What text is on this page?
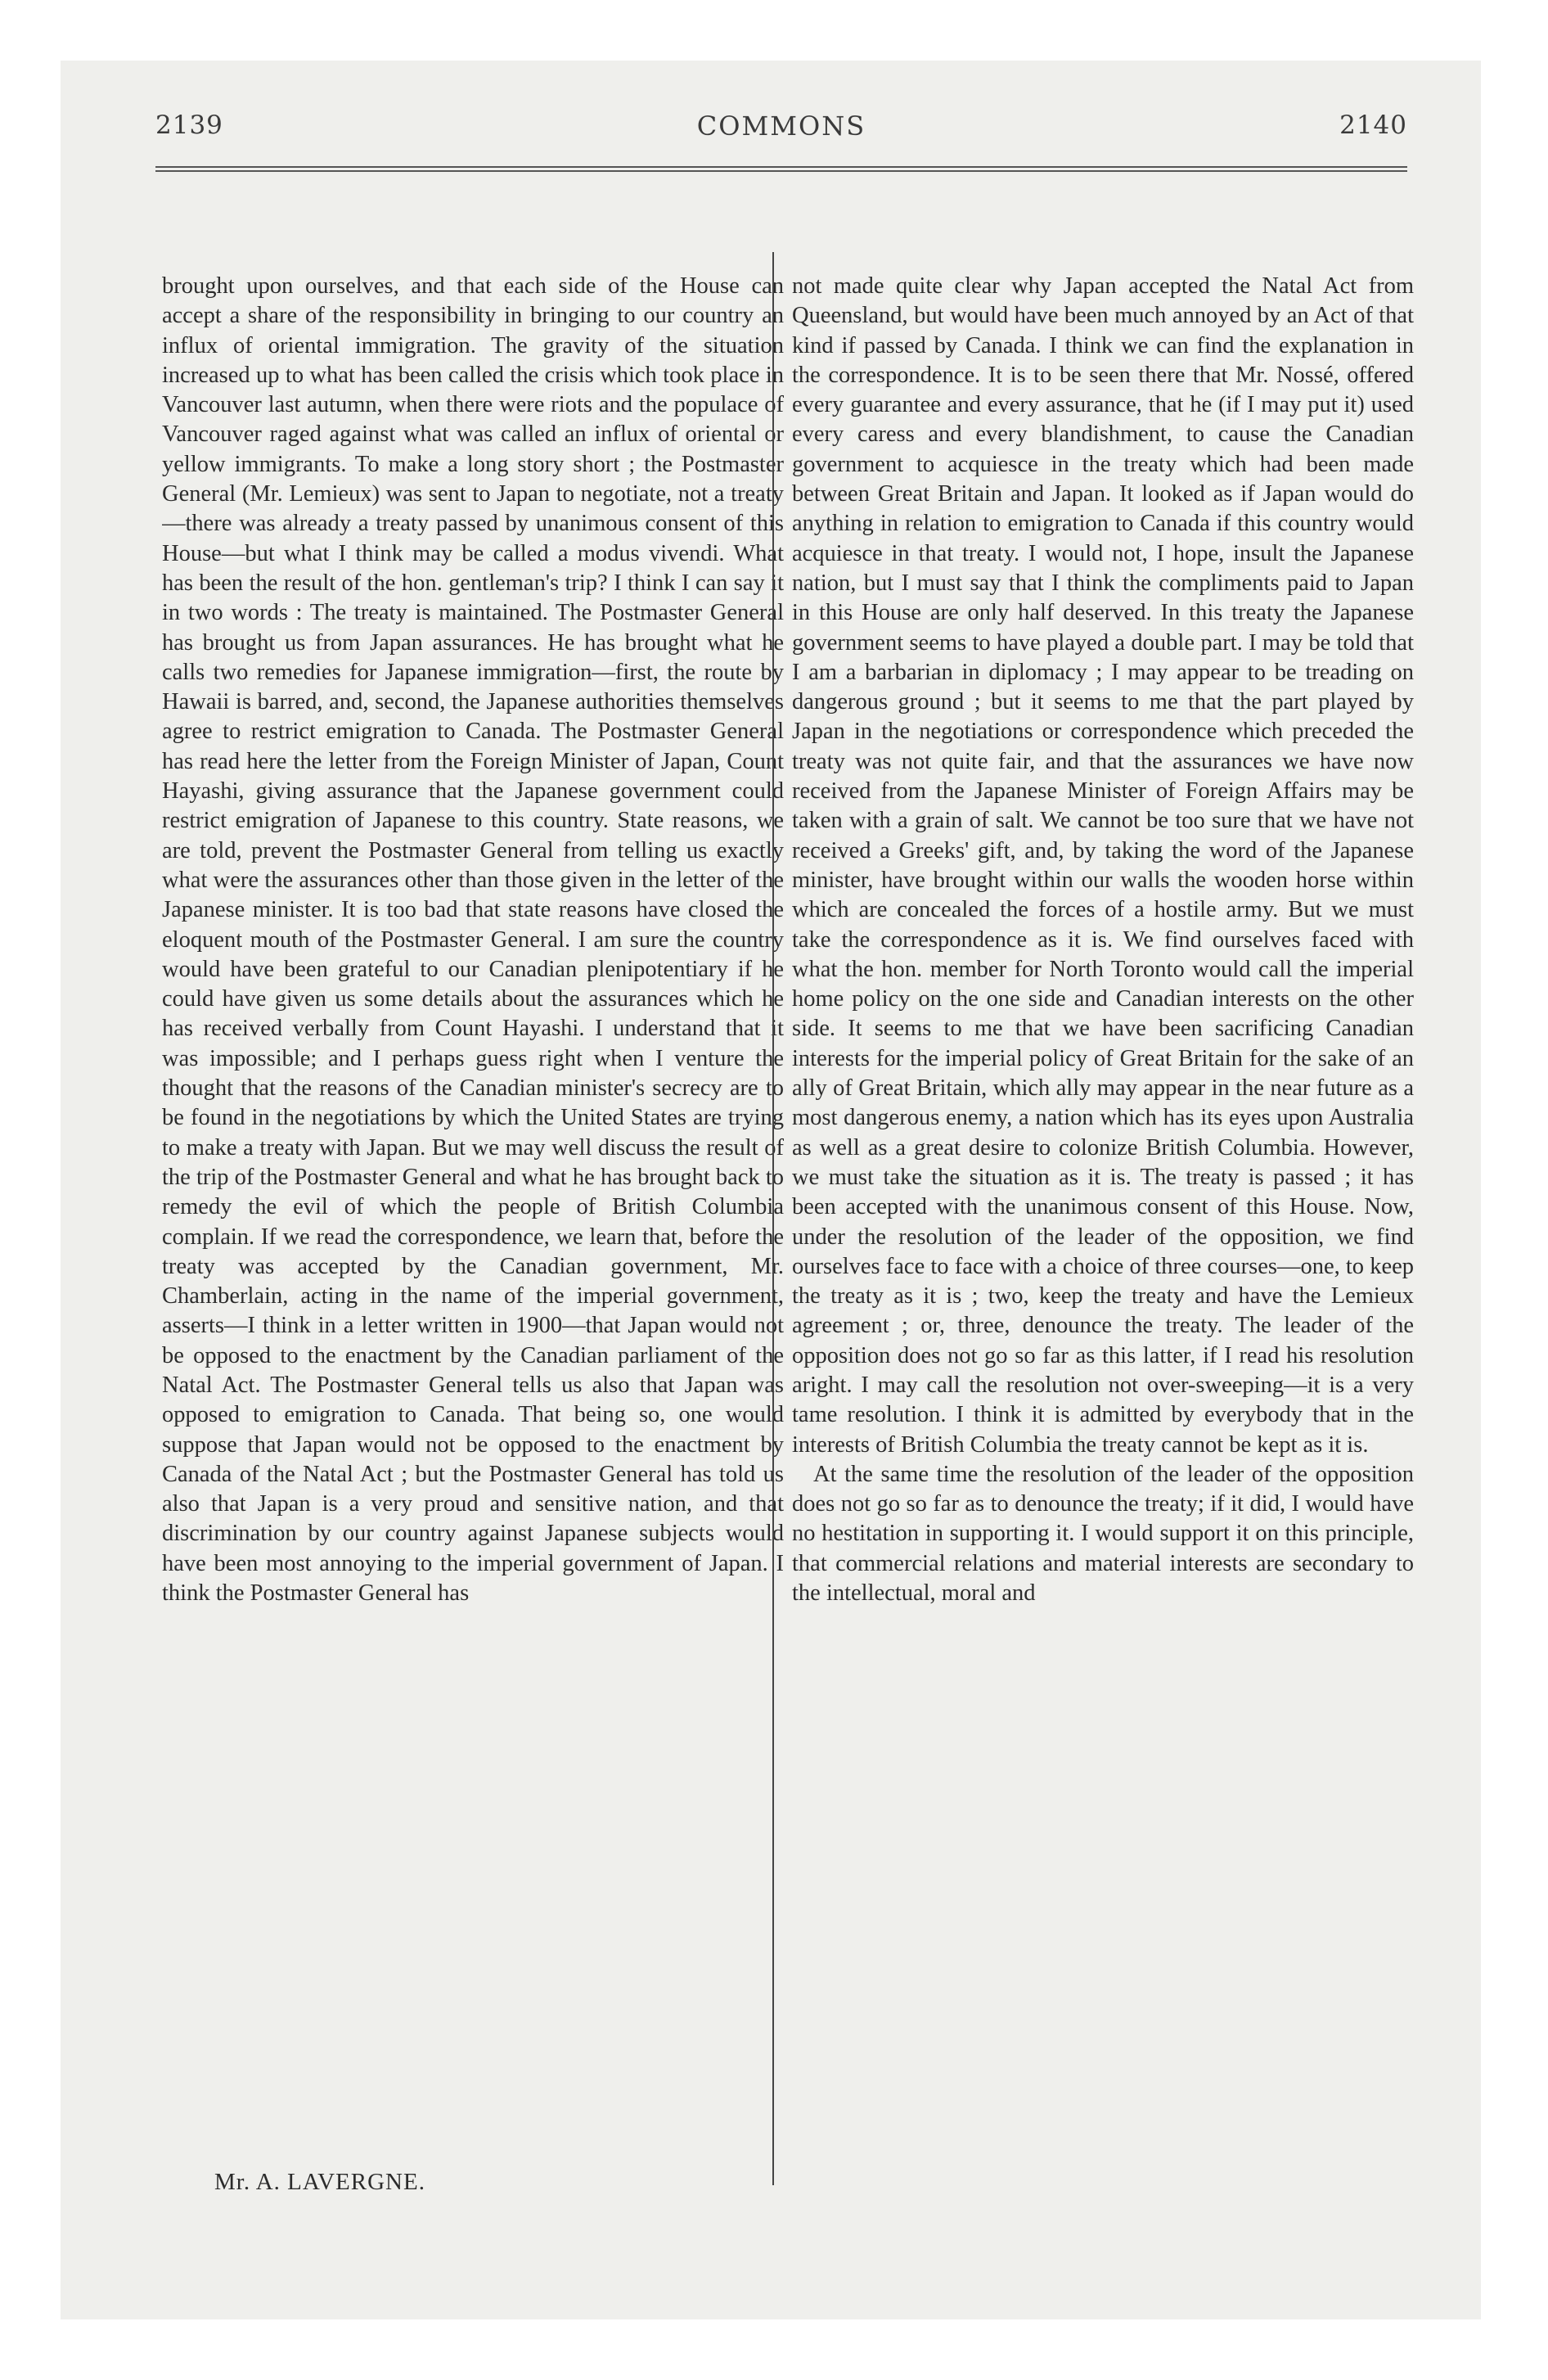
2139	COMMONS	2140

brought upon ourselves, and that each side of the House can accept a share of the responsibility in bringing to our country an influx of oriental immigration. The gravity of the situation increased up to what has been called the crisis which took place in Vancouver last autumn, when there were riots and the populace of Vancouver raged against what was called an influx of oriental or yellow immigrants. To make a long story short ; the Postmaster General (Mr. Lemieux) was sent to Japan to negotiate, not a treaty—there was already a treaty passed by unanimous consent of this House—but what I think may be called a modus vivendi. What has been the result of the hon. gentleman's trip? I think I can say it in two words : The treaty is maintained. The Postmaster General has brought us from Japan assurances. He has brought what he calls two remedies for Japanese immigration—first, the route by Hawaii is barred, and, second, the Japanese authorities themselves agree to restrict emigration to Canada. The Postmaster General has read here the letter from the Foreign Minister of Japan, Count Hayashi, giving assurance that the Japanese government could restrict emigration of Japanese to this country. State reasons, we are told, prevent the Postmaster General from telling us exactly what were the assurances other than those given in the letter of the Japanese minister. It is too bad that state reasons have closed the eloquent mouth of the Postmaster General. I am sure the country would have been grateful to our Canadian plenipotentiary if he could have given us some details about the assurances which he has received verbally from Count Hayashi. I understand that it was impossible; and I perhaps guess right when I venture the thought that the reasons of the Canadian minister's secrecy are to be found in the negotiations by which the United States are trying to make a treaty with Japan. But we may well discuss the result of the trip of the Postmaster General and what he has brought back to remedy the evil of which the people of British Columbia complain. If we read the correspondence, we learn that, before the treaty was accepted by the Canadian government, Mr. Chamberlain, acting in the name of the imperial government, asserts—I think in a letter written in 1900—that Japan would not be opposed to the enactment by the Canadian parliament of the Natal Act. The Postmaster General tells us also that Japan was opposed to emigration to Canada. That being so, one would suppose that Japan would not be opposed to the enactment by Canada of the Natal Act ; but the Postmaster General has told us also that Japan is a very proud and sensitive nation, and that discrimination by our country against Japanese subjects would have been most annoying to the imperial government of Japan. I think the Postmaster General has

not made quite clear why Japan accepted the Natal Act from Queensland, but would have been much annoyed by an Act of that kind if passed by Canada. I think we can find the explanation in the correspondence. It is to be seen there that Mr. Nossé, offered every guarantee and every assurance, that he (if I may put it) used every caress and every blandishment, to cause the Canadian government to acquiesce in the treaty which had been made between Great Britain and Japan. It looked as if Japan would do anything in relation to emigration to Canada if this country would acquiesce in that treaty. I would not, I hope, insult the Japanese nation, but I must say that I think the compliments paid to Japan in this House are only half deserved. In this treaty the Japanese government seems to have played a double part. I may be told that I am a barbarian in diplomacy ; I may appear to be treading on dangerous ground ; but it seems to me that the part played by Japan in the negotiations or correspondence which preceded the treaty was not quite fair, and that the assurances we have now received from the Japanese Minister of Foreign Affairs may be taken with a grain of salt. We cannot be too sure that we have not received a Greeks' gift, and, by taking the word of the Japanese minister, have brought within our walls the wooden horse within which are concealed the forces of a hostile army. But we must take the correspondence as it is. We find ourselves faced with what the hon. member for North Toronto would call the imperial home policy on the one side and Canadian interests on the other side. It seems to me that we have been sacrificing Canadian interests for the imperial policy of Great Britain for the sake of an ally of Great Britain, which ally may appear in the near future as a most dangerous enemy, a nation which has its eyes upon Australia as well as a great desire to colonize British Columbia. However, we must take the situation as it is. The treaty is passed ; it has been accepted with the unanimous consent of this House. Now, under the resolution of the leader of the opposition, we find ourselves face to face with a choice of three courses—one, to keep the treaty as it is ; two, keep the treaty and have the Lemieux agreement ; or, three, denounce the treaty. The leader of the opposition does not go so far as this latter, if I read his resolution aright. I may call the resolution not over-sweeping—it is a very tame resolution. I think it is admitted by everybody that in the interests of British Columbia the treaty cannot be kept as it is.

At the same time the resolution of the leader of the opposition does not go so far as to denounce the treaty; if it did, I would have no hestitation in supporting it. I would support it on this principle, that commercial relations and material interests are secondary to the intellectual, moral and

Mr. A. LAVERGNE.
